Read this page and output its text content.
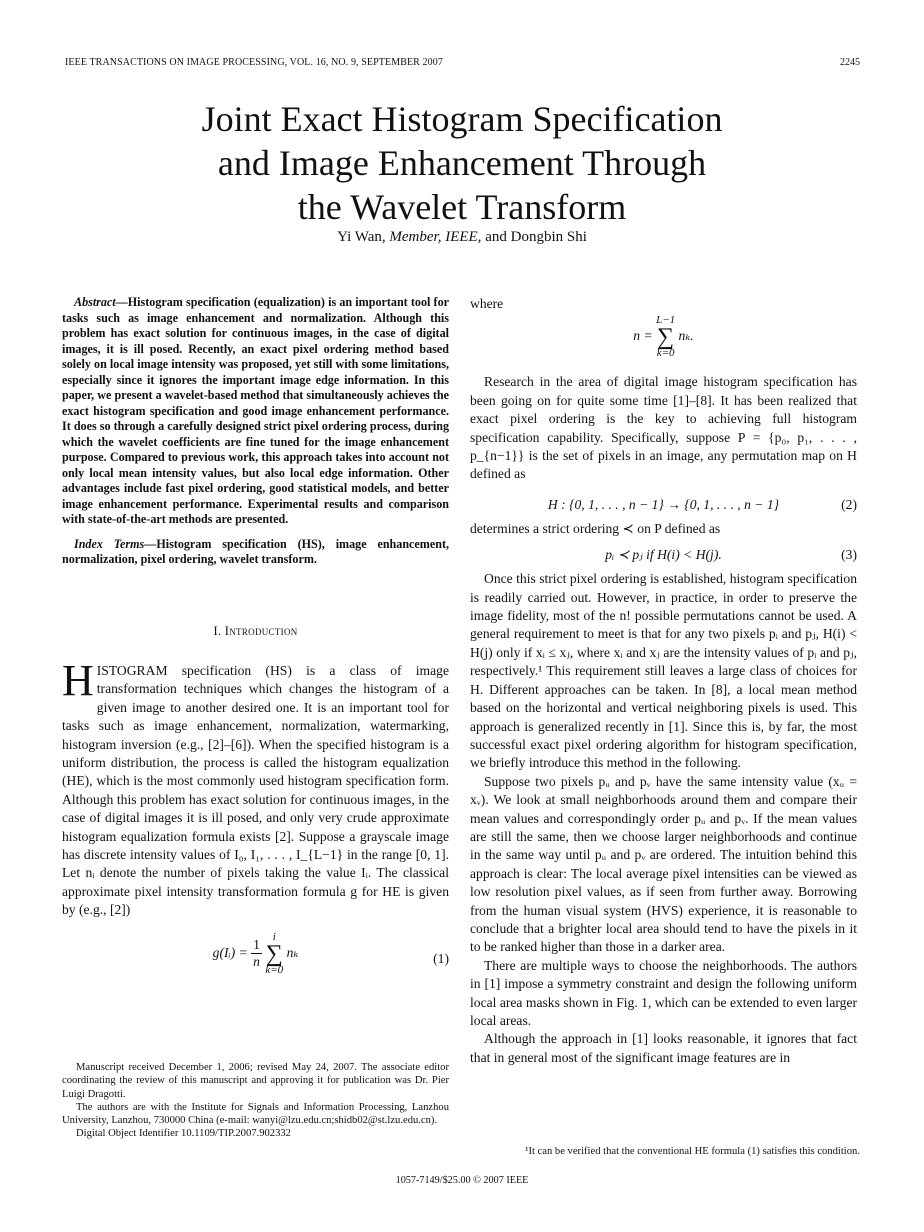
IEEE TRANSACTIONS ON IMAGE PROCESSING, VOL. 16, NO. 9, SEPTEMBER 2007	2245
Joint Exact Histogram Specification
and Image Enhancement Through
the Wavelet Transform
Yi Wan, Member, IEEE, and Dongbin Shi

Abstract—Histogram specification (equalization) is an important tool for tasks such as image enhancement and normalization. Although this problem has exact solution for continuous images, in the case of digital images, it is ill posed. Recently, an exact pixel ordering method based solely on local image intensity was proposed, yet still with some limitations, especially since it ignores the important image edge information. In this paper, we present a wavelet-based method that simultaneously achieves the exact histogram specification and good image enhancement performance. It does so through a carefully designed strict pixel ordering process, during which the wavelet coefficients are fine tuned for the image enhancement purpose. Compared to previous work, this approach takes into account not only local mean intensity values, but also local edge information. Other advantages include fast pixel ordering, good statistical models, and better image enhancement performance. Experimental results and comparison with state-of-the-art methods are presented.

Index Terms—Histogram specification (HS), image enhancement, normalization, pixel ordering, wavelet transform.

I. Introduction

HISTOGRAM specification (HS) is a class of image transformation techniques which changes the histogram of a given image to another desired one. It is an important tool for tasks such as image enhancement, normalization, watermarking, histogram inversion (e.g., [2]–[6]). When the specified histogram is a uniform distribution, the process is called the histogram equalization (HE), which is the most commonly used histogram specification form. Although this problem has exact solution for continuous images, in the case of digital images it is ill posed, and only very crude approximate histogram equalization formula exists [2]. Suppose a grayscale image has discrete intensity values of I₀, I₁, . . . , I_{L−1} in the range [0, 1]. Let nᵢ denote the number of pixels taking the value Iᵢ. The classical approximate pixel intensity transformation formula g for HE is given by (e.g., [2])

g(Iᵢ) = $\frac{1}{n}$

i
∑
k=0
nₖ	(1)

Manuscript received December 1, 2006; revised May 24, 2007. The associate editor coordinating the review of this manuscript and approving it for publication was Dr. Pier Luigi Dragotti.

The authors are with the Institute for Signals and Information Processing, Lanzhou University, Lanzhou, 730000 China (e-mail: wanyi@lzu.edu.cn;shidb02@st.lzu.edu.cn).

Digital Object Identifier 10.1109/TIP.2007.902332

where

n =
L−1
∑
k=0
nₖ.

Research in the area of digital image histogram specification has been going on for quite some time [1]–[8]. It has been realized that exact pixel ordering is the key to achieving full histogram specification capability. Specifically, suppose P = {p₀, p₁, . . . , p_{n−1}} is the set of pixels in an image, any permutation map on H defined as

H : {0, 1, . . . , n − 1} → {0, 1, . . . , n − 1}	(2)

determines a strict ordering ≺ on P defined as

pᵢ ≺ pⱼ if H(i) < H(j).	(3)

Once this strict pixel ordering is established, histogram specification is readily carried out. However, in practice, in order to preserve the image fidelity, most of the n! possible permutations cannot be used. A general requirement to meet is that for any two pixels pᵢ and pⱼ, H(i) < H(j) only if xᵢ ≤ xⱼ, where xᵢ and xⱼ are the intensity values of pᵢ and pⱼ, respectively.¹ This requirement still leaves a large class of choices for H. Different approaches can be taken. In [8], a local mean method based on the horizontal and vertical neighboring pixels is used. This approach is generalized recently in [1]. Since this is, by far, the most successful exact pixel ordering algorithm for histogram specification, we briefly introduce this method in the following.

Suppose two pixels pᵤ and pᵥ have the same intensity value (xᵤ = xᵥ). We look at small neighborhoods around them and compare their mean values and correspondingly order pᵤ and pᵥ. If the mean values are still the same, then we choose larger neighborhoods and continue in the same way until pᵤ and pᵥ are ordered. The intuition behind this approach is clear: The local average pixel intensities can be viewed as low resolution pixel values, as if seen from further away. Borrowing from the human visual system (HVS) experience, it is reasonable to conclude that a brighter local area should tend to have the pixels in it to be ranked higher than those in a darker area.

There are multiple ways to choose the neighborhoods. The authors in [1] impose a symmetry constraint and design the following uniform local area masks shown in Fig. 1, which can be extended to even larger local areas.

Although the approach in [1] looks reasonable, it ignores that fact that in general most of the significant image features are in

¹It can be verified that the conventional HE formula (1) satisfies this condition.
1057-7149/$25.00 © 2007 IEEE
